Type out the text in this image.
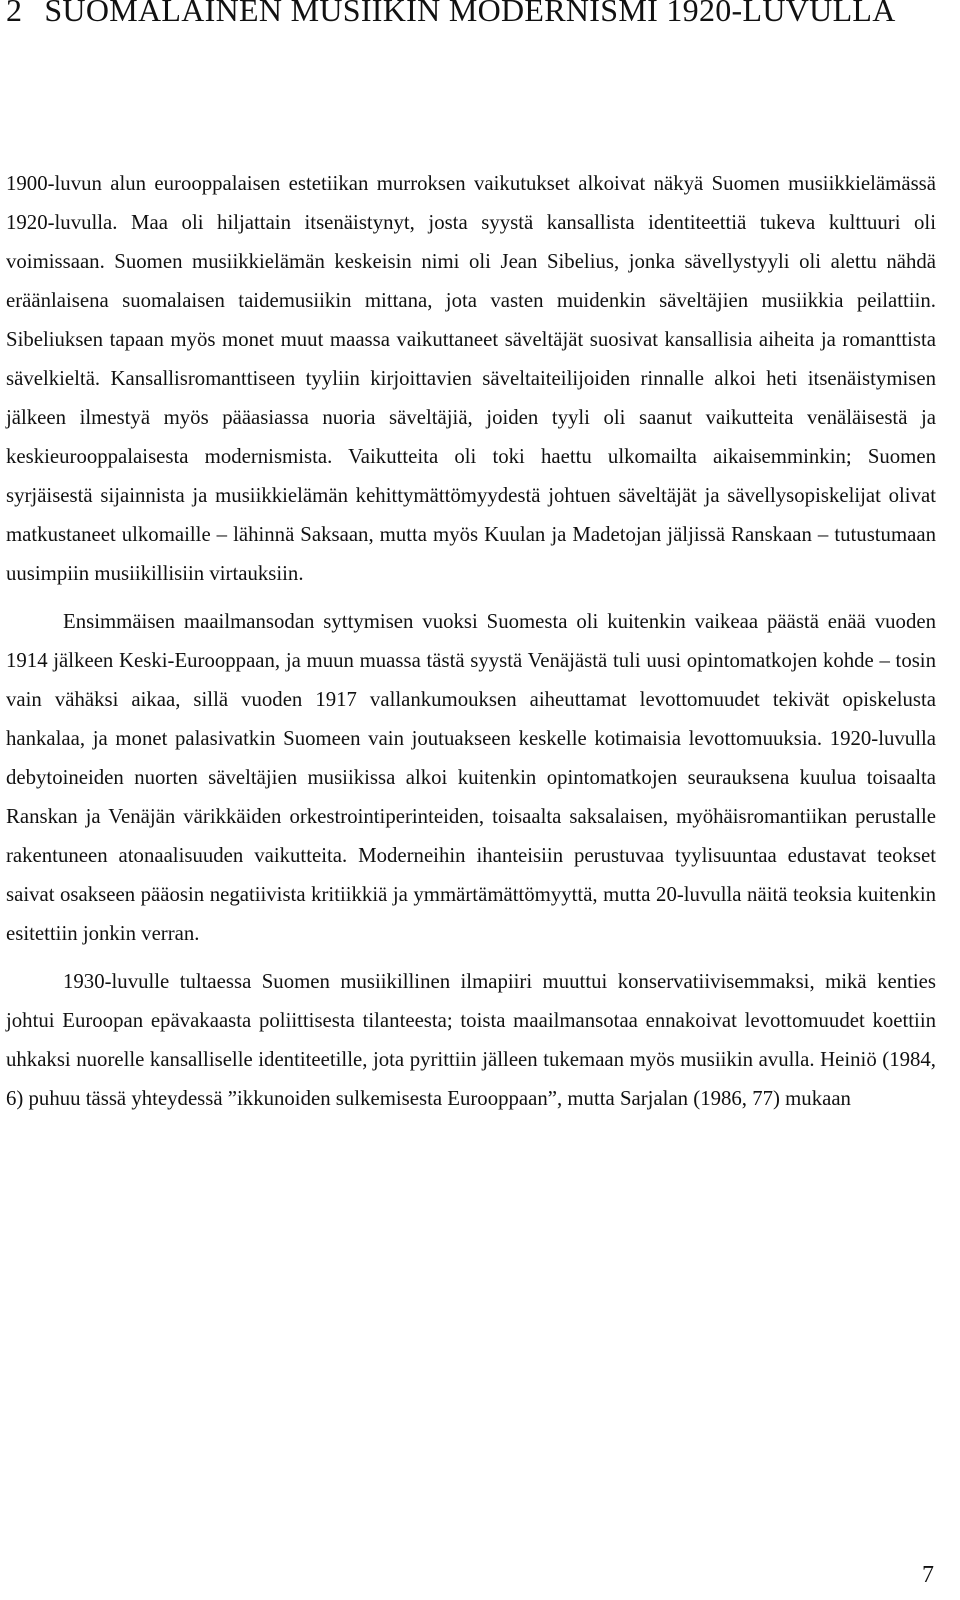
2 SUOMALAINEN MUSIIKIN MODERNISMI 1920-LUVULLA

1900-luvun alun eurooppalaisen estetiikan murroksen vaikutukset alkoivat näkyä Suomen musiikkielämässä 1920-luvulla. Maa oli hiljattain itsenäistynyt, josta syystä kansallista identiteettiä tukeva kulttuuri oli voimissaan. Suomen musiikkielämän keskeisin nimi oli Jean Sibelius, jonka sävellystyyli oli alettu nähdä eräänlaisena suomalaisen taidemusiikin mittana, jota vasten muidenkin säveltäjien musiikkia peilattiin. Sibeliuksen tapaan myös monet muut maassa vaikuttaneet säveltäjät suosivat kansallisia aiheita ja romanttista sävelkieltä. Kansallisromanttiseen tyyliin kirjoittavien säveltaiteilijoiden rinnalle alkoi heti itsenäistymisen jälkeen ilmestyä myös pääasiassa nuoria säveltäjiä, joiden tyyli oli saanut vaikutteita venäläisestä ja keskieurooppalaisesta modernismista. Vaikutteita oli toki haettu ulkomailta aikaisemminkin; Suomen syrjäisestä sijainnista ja musiikkielämän kehittymättömyydestä johtuen säveltäjät ja sävellysopiskelijat olivat matkustaneet ulkomaille – lähinnä Saksaan, mutta myös Kuulan ja Madetojan jäljissä Ranskaan – tutustumaan uusimpiin musiikillisiin virtauksiin.

Ensimmäisen maailmansodan syttymisen vuoksi Suomesta oli kuitenkin vaikeaa päästä enää vuoden 1914 jälkeen Keski-Eurooppaan, ja muun muassa tästä syystä Venäjästä tuli uusi opintomatkojen kohde – tosin vain vähäksi aikaa, sillä vuoden 1917 vallankumouksen aiheuttamat levottomuudet tekivät opiskelusta hankalaa, ja monet palasivatkin Suomeen vain joutuakseen keskelle kotimaisia levottomuuksia. 1920-luvulla debytoineiden nuorten säveltäjien musiikissa alkoi kuitenkin opintomatkojen seurauksena kuulua toisaalta Ranskan ja Venäjän värikkäiden orkestrointiperinteiden, toisaalta saksalaisen, myöhäisromantiikan perustalle rakentuneen atonaalisuuden vaikutteita. Moderneihin ihanteisiin perustuvaa tyylisuuntaa edustavat teokset saivat osakseen pääosin negatiivista kritiikkiä ja ymmärtämättömyyttä, mutta 20-luvulla näitä teoksia kuitenkin esitettiin jonkin verran.

1930-luvulle tultaessa Suomen musiikillinen ilmapiiri muuttui konservatiivisemmaksi, mikä kenties johtui Euroopan epävakaasta poliittisesta tilanteesta; toista maailmansotaa ennakoivat levottomuudet koettiin uhkaksi nuorelle kansalliselle identiteetille, jota pyrittiin jälleen tukemaan myös musiikin avulla. Heiniö (1984, 6) puhuu tässä yhteydessä ”ikkunoiden sulkemisesta Eurooppaan”, mutta Sarjalan (1986, 77) mukaan

7
